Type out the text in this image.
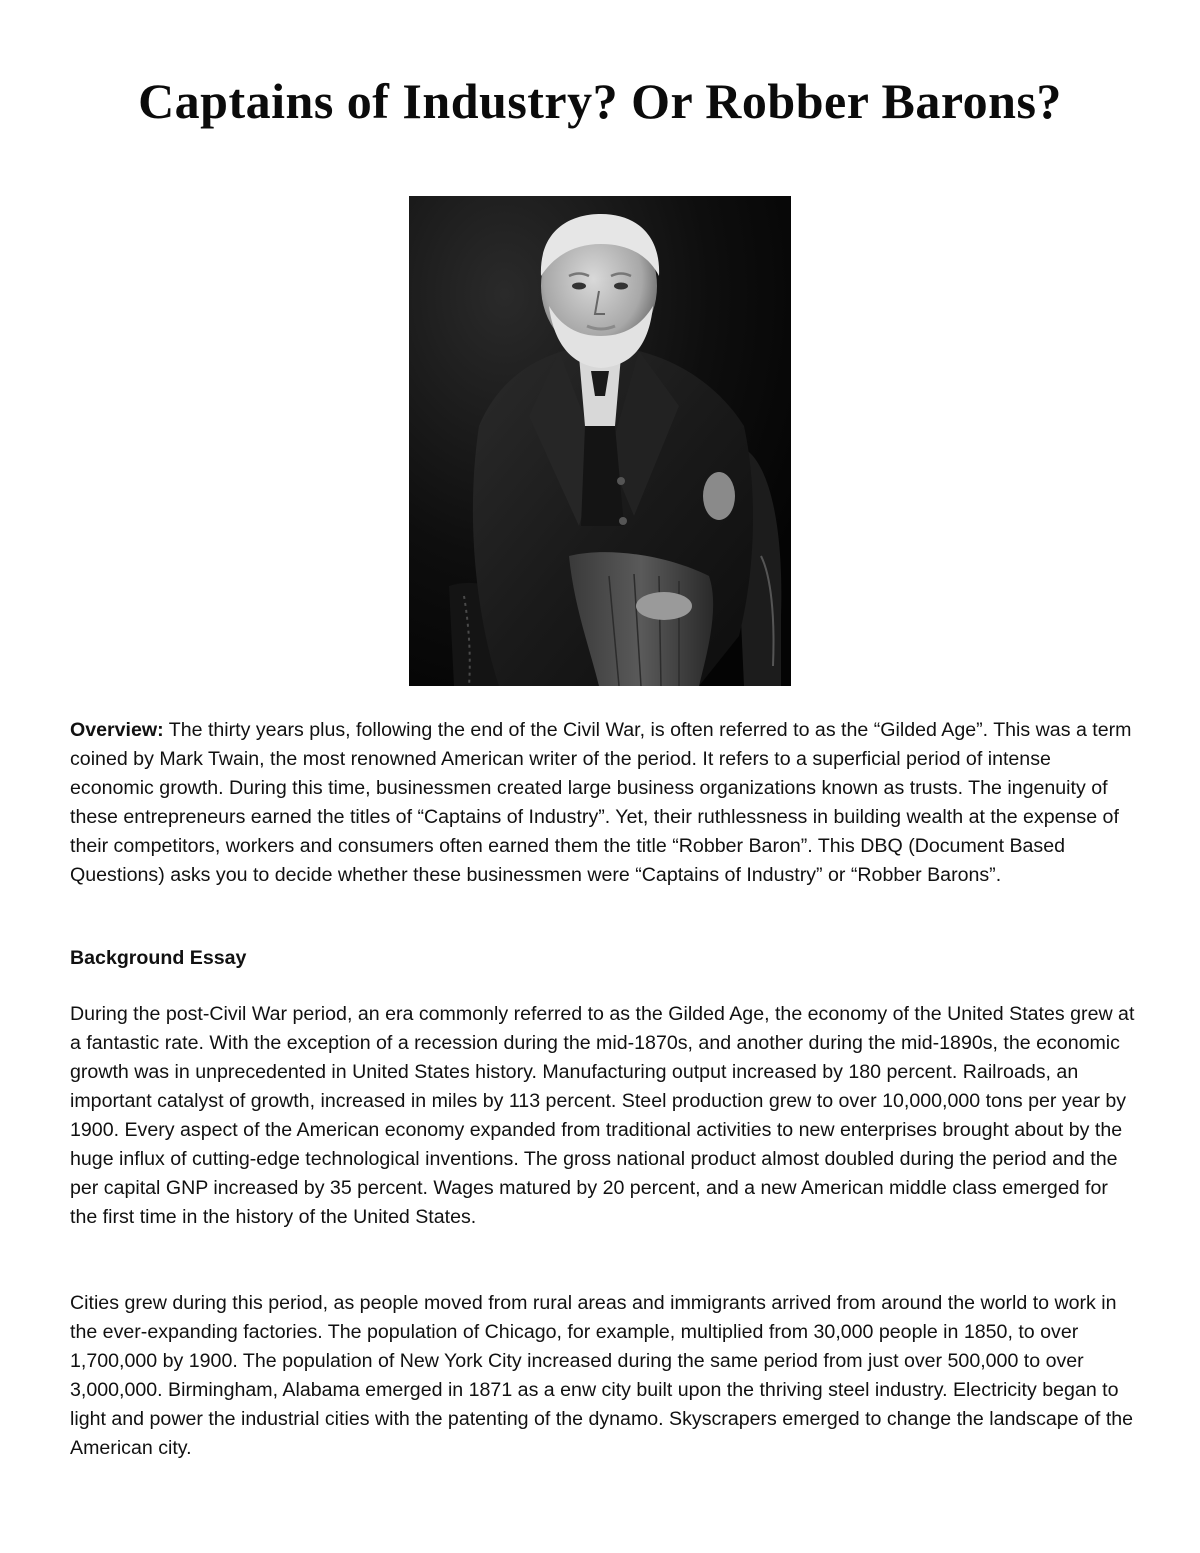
Captains of Industry? Or Robber Barons?

Overview: The thirty years plus, following the end of the Civil War, is often referred to as the “Gilded Age”. This was a term coined by Mark Twain, the most renowned American writer of the period. It refers to a superficial period of intense economic growth. During this time, businessmen created large business organizations known as trusts. The ingenuity of these entrepreneurs earned the titles of “Captains of Industry”. Yet, their ruthlessness in building wealth at the expense of their competitors, workers and consumers often earned them the title “Robber Baron”. This DBQ (Document Based Questions) asks you to decide whether these businessmen were “Captains of Industry” or “Robber Barons”.

Background Essay

During the post-Civil War period, an era commonly referred to as the Gilded Age, the economy of the United States grew at a fantastic rate. With the exception of a recession during the mid-1870s, and another during the mid-1890s, the economic growth was in unprecedented in United States history. Manufacturing output increased by 180 percent. Railroads, an important catalyst of growth, increased in miles by 113 percent. Steel production grew to over 10,000,000 tons per year by 1900. Every aspect of the American economy expanded from traditional activities to new enterprises brought about by the huge influx of cutting-edge technological inventions. The gross national product almost doubled during the period and the per capital GNP increased by 35 percent. Wages matured by 20 percent, and a new American middle class emerged for the first time in the history of the United States.

Cities grew during this period, as people moved from rural areas and immigrants arrived from around the world to work in the ever-expanding factories. The population of Chicago, for example, multiplied from 30,000 people in 1850, to over 1,700,000 by 1900. The population of New York City increased during the same period from just over 500,000 to over 3,000,000. Birmingham, Alabama emerged in 1871 as a enw city built upon the thriving steel industry. Electricity began to light and power the industrial cities with the patenting of the dynamo. Skyscrapers emerged to change the landscape of the American city.
